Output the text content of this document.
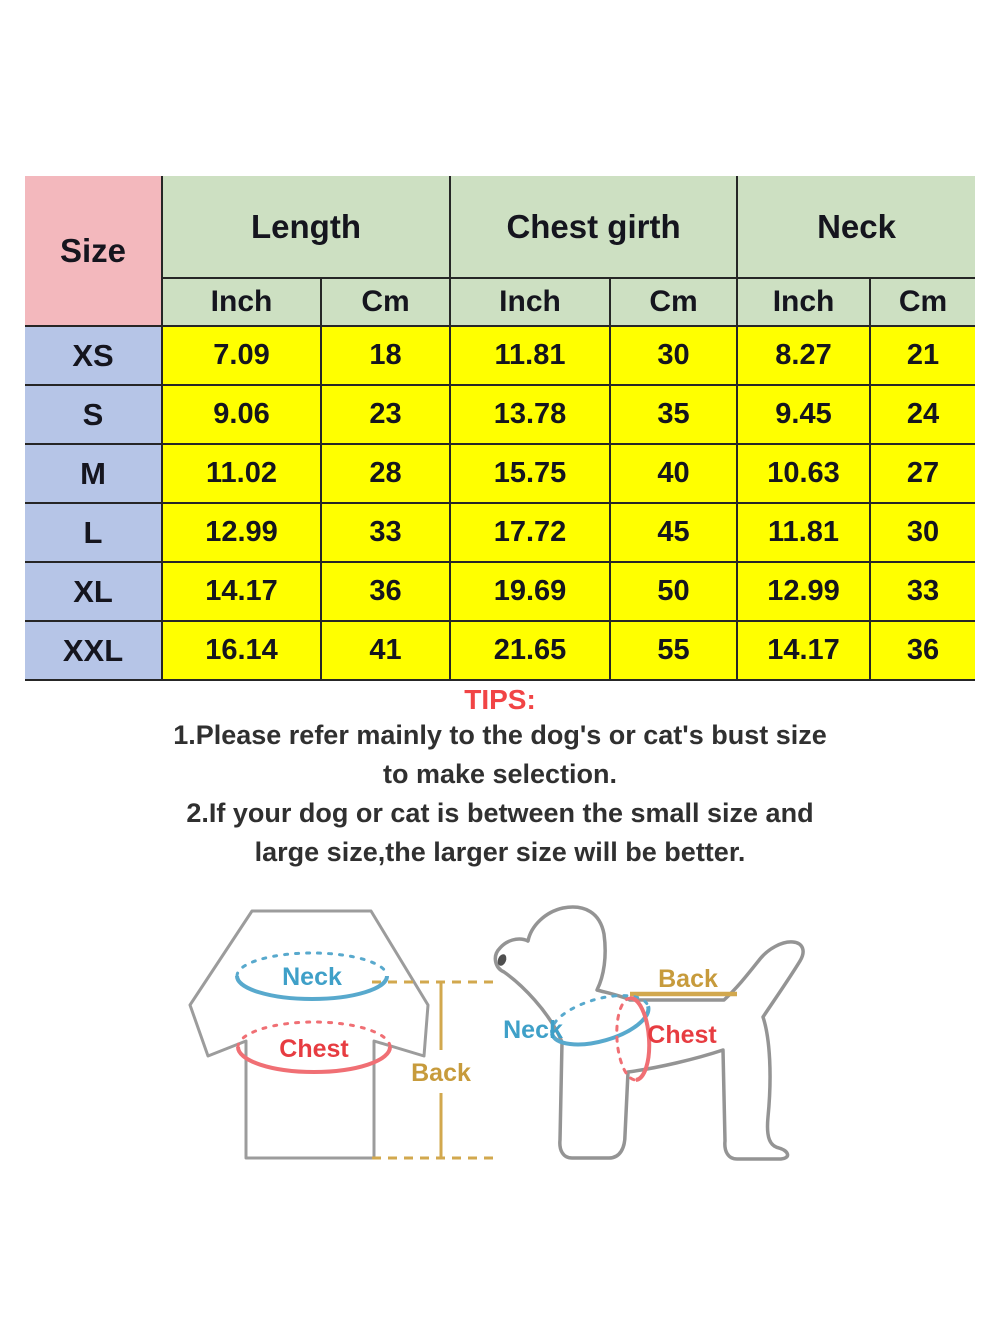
Size	Length		Chest girth		Neck	
	Inch	Cm	Inch	Cm	Inch	Cm
XS	7.09	18	11.81	30	8.27	21
S	9.06	23	13.78	35	9.45	24
M	11.02	28	15.75	40	10.63	27
L	12.99	33	17.72	45	11.81	30
XL	14.17	36	19.69	50	12.99	33
XXL	16.14	41	21.65	55	14.17	36
TIPS:
1.Please refer mainly to the dog's or cat's bust size
to make selection.
2.If your dog or cat is between the small size and
large size,the larger size will be better.
Back
Neck
Chest
Back
Neck	Chest
